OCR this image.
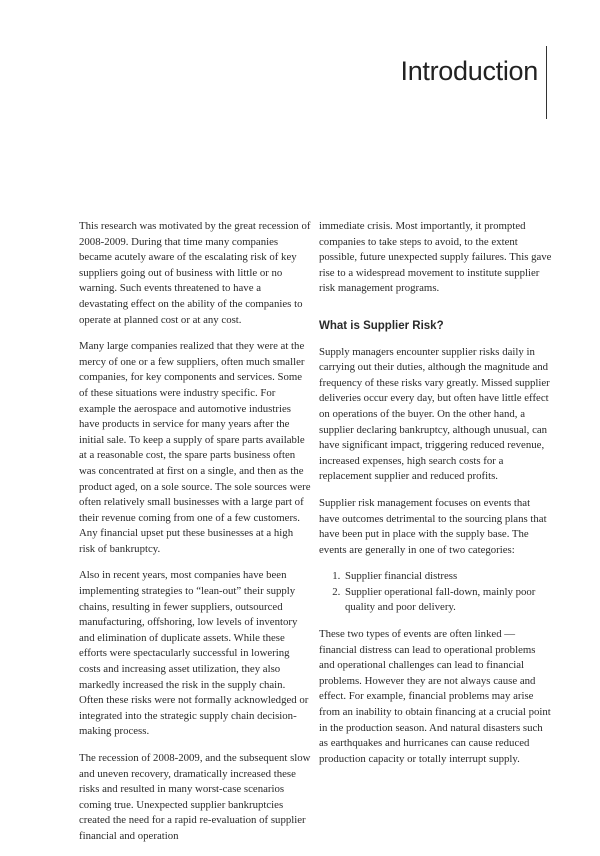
Introduction

This research was motivated by the great recession of 2008-2009. During that time many companies became acutely aware of the escalating risk of key suppliers going out of business with little or no warning. Such events threatened to have a devastating effect on the ability of the companies to operate at planned cost or at any cost.

Many large companies realized that they were at the mercy of one or a few suppliers, often much smaller companies, for key components and services. Some of these situations were industry specific. For example the aerospace and automotive industries have products in service for many years after the initial sale. To keep a supply of spare parts available at a reasonable cost, the spare parts business often was concentrated at first on a single, and then as the product aged, on a sole source. The sole sources were often relatively small businesses with a large part of their revenue coming from one of a few customers. Any financial upset put these businesses at a high risk of bankruptcy.

Also in recent years, most companies have been implementing strategies to “lean-out” their supply chains, resulting in fewer suppliers, outsourced manufacturing, offshoring, low levels of inventory and elimination of duplicate assets. While these efforts were spectacularly successful in lowering costs and increasing asset utilization, they also markedly increased the risk in the supply chain. Often these risks were not formally acknowledged or integrated into the strategic supply chain decision-making process.

The recession of 2008-2009, and the subsequent slow and uneven recovery, dramatically increased these risks and resulted in many worst-case scenarios coming true. Unexpected supplier bankruptcies created the need for a rapid re-evaluation of supplier financial and operation

immediate crisis. Most importantly, it prompted companies to take steps to avoid, to the extent possible, future unexpected supply failures. This gave rise to a widespread movement to institute supplier risk management programs.

What is Supplier Risk?

Supply managers encounter supplier risks daily in carrying out their duties, although the magnitude and frequency of these risks vary greatly. Missed supplier deliveries occur every day, but often have little effect on operations of the buyer. On the other hand, a supplier declaring bankruptcy, although unusual, can have significant impact, triggering reduced revenue, increased expenses, high search costs for a replacement supplier and reduced profits.

Supplier risk management focuses on events that have outcomes detrimental to the sourcing plans that have been put in place with the supply base. The events are generally in one of two categories:

1. Supplier financial distress
2. Supplier operational fall-down, mainly poor quality and poor delivery.

These two types of events are often linked — financial distress can lead to operational problems and operational challenges can lead to financial problems. However they are not always cause and effect. For example, financial problems may arise from an inability to obtain financing at a crucial point in the production season. And natural disasters such as earthquakes and hurricanes can cause reduced production capacity or totally interrupt supply.
